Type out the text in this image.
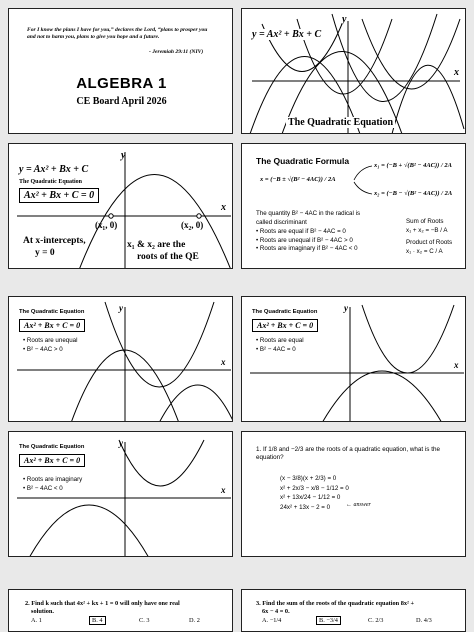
For I know the plans I have for you,” declares the Lord, “plans to prosper you and not to harm you, plans to give you hope and a future.
- Jeremiah 29:11 (NIV)
ALGEBRA 1
CE Board April 2026
y
x
y = Ax² + Bx + C
The Quadratic Equation
y = Ax² + Bx + C
The Quadratic Equation
Ax² + Bx + C = 0
y
x
(x₁, 0)	(x₂, 0)
At x-intercepts,
y = 0
x₁ & x₂ are the
roots of the QE
The Quadratic Formula
x = (−B ± √(B² − 4AC)) / 2A
x₁ = (−B + √(B² − 4AC)) / 2A
x₂ = (−B − √(B² − 4AC)) / 2A
The quantity B² − 4AC in the radical is
called discriminant
• Roots are equal if B² − 4AC = 0
• Roots are unequal if B² − 4AC > 0
• Roots are imaginary if B² − 4AC < 0
Sum of Roots
x₁ + x₂ = −B / A
Product of Roots
x₁ · x₂ = C / A
The Quadratic Equation
Ax² + Bx + C = 0
• Roots are unequal
• B² − 4AC > 0
y
x
The Quadratic Equation
Ax² + Bx + C = 0
• Roots are equal
• B² − 4AC = 0
y
x
The Quadratic Equation
Ax² + Bx + C = 0
• Roots are imaginary
• B² − 4AC < 0
y
x
1. If 1/8 and −2/3 are the roots of a quadratic equation, what is the equation?
(x − 3/8)(x + 2/3) = 0
x² + 2x/3 − x/8 − 1/12 = 0
x² + 13x/24 − 1/12 = 0
24x² + 13x − 2 = 0	← answer
2. Find k such that 4x² + kx + 1 = 0 will only have one real
solution.
A. 1	B. 4	C. 3	D. 2
3. Find the sum of the roots of the quadratic equation 8x² +
6x − 4 = 0.
A. −1/4	B. −3/4	C. 2/3	D. 4/3
